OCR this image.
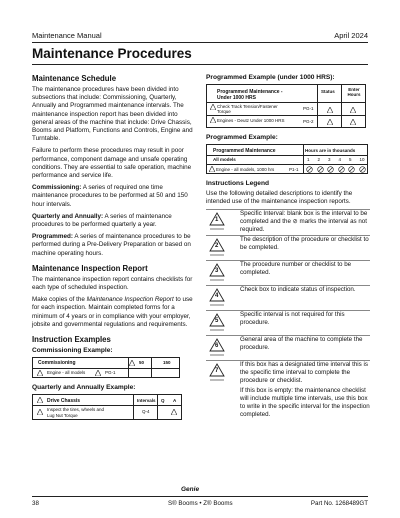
Maintenance Manual	April 2024
Maintenance Procedures
Maintenance Schedule

The maintenance procedures have been divided into subsections that include: Commissioning, Quarterly, Annually and Programmed maintenance intervals. The maintenance inspection report has been divided into general areas of the machine that include: Drive Chassis, Booms and Platform, Functions and Controls, Engine and Turntable.

Failure to perform these procedures may result in poor performance, component damage and unsafe operating conditions. They are essential to safe operation, machine performance and service life.

Commissioning: A series of required one time maintenance procedures to be performed at 50 and 150 hour intervals.

Quarterly and Annually: A series of maintenance procedures to be performed quarterly a year.

Programmed: A series of maintenance procedures to be performed during a Pre-Delivery Preparation or based on machine operating hours.

Maintenance Inspection Report

The maintenance inspection report contains checklists for each type of scheduled inspection.

Make copies of the Maintenance Inspection Report to use for each inspection. Maintain completed forms for a minimum of 4 years or in compliance with your employer, jobsite and governmental regulations and requirements.

Instruction Examples
Commissioning Example:
Commissioning	50	150
Engine - all models	PG-1
Quarterly and Annually Example:
Drive Chassis	Intervals Q A
Inspect the tires, wheels and
Lug Nut Torque
Q-4
Programmed Example (under 1000 HRS):
Programmed Maintenance -
Under 1000 HRS
Status	Enter Hours
Check Track Tension/Fastener Torque
PG-1
Engines - Deutz Under 1000 HRS	PG-2
Programmed Example:
Programmed Maintenance	Hours are in thousands
All models	1 2 3 4 5 10
Engine - all models, 1000 hrs	P1-1
Instructions Legend

Use the following detailed descriptions to identify the intended use of the maintenance inspection reports.

1
Specific Interval: blank box is the interval to be completed and the ⊘ marks the interval as not required.
2
The description of the procedure or checklist to be completed.
3
The procedure number or checklist to be completed.
4
Check box to indicate status of inspection.
5
Specific interval is not required for this procedure.
6
General area of the machine to complete the procedure.
7
If this box has a designated time interval this is the specific time interval to complete the procedure or checklist.

If this box is empty: the maintenance checklist will include multiple time intervals, use this box to write in the specific interval for the inspection completed.

Genie
38	S® Booms • Z® Booms	Part No. 1268489GT
